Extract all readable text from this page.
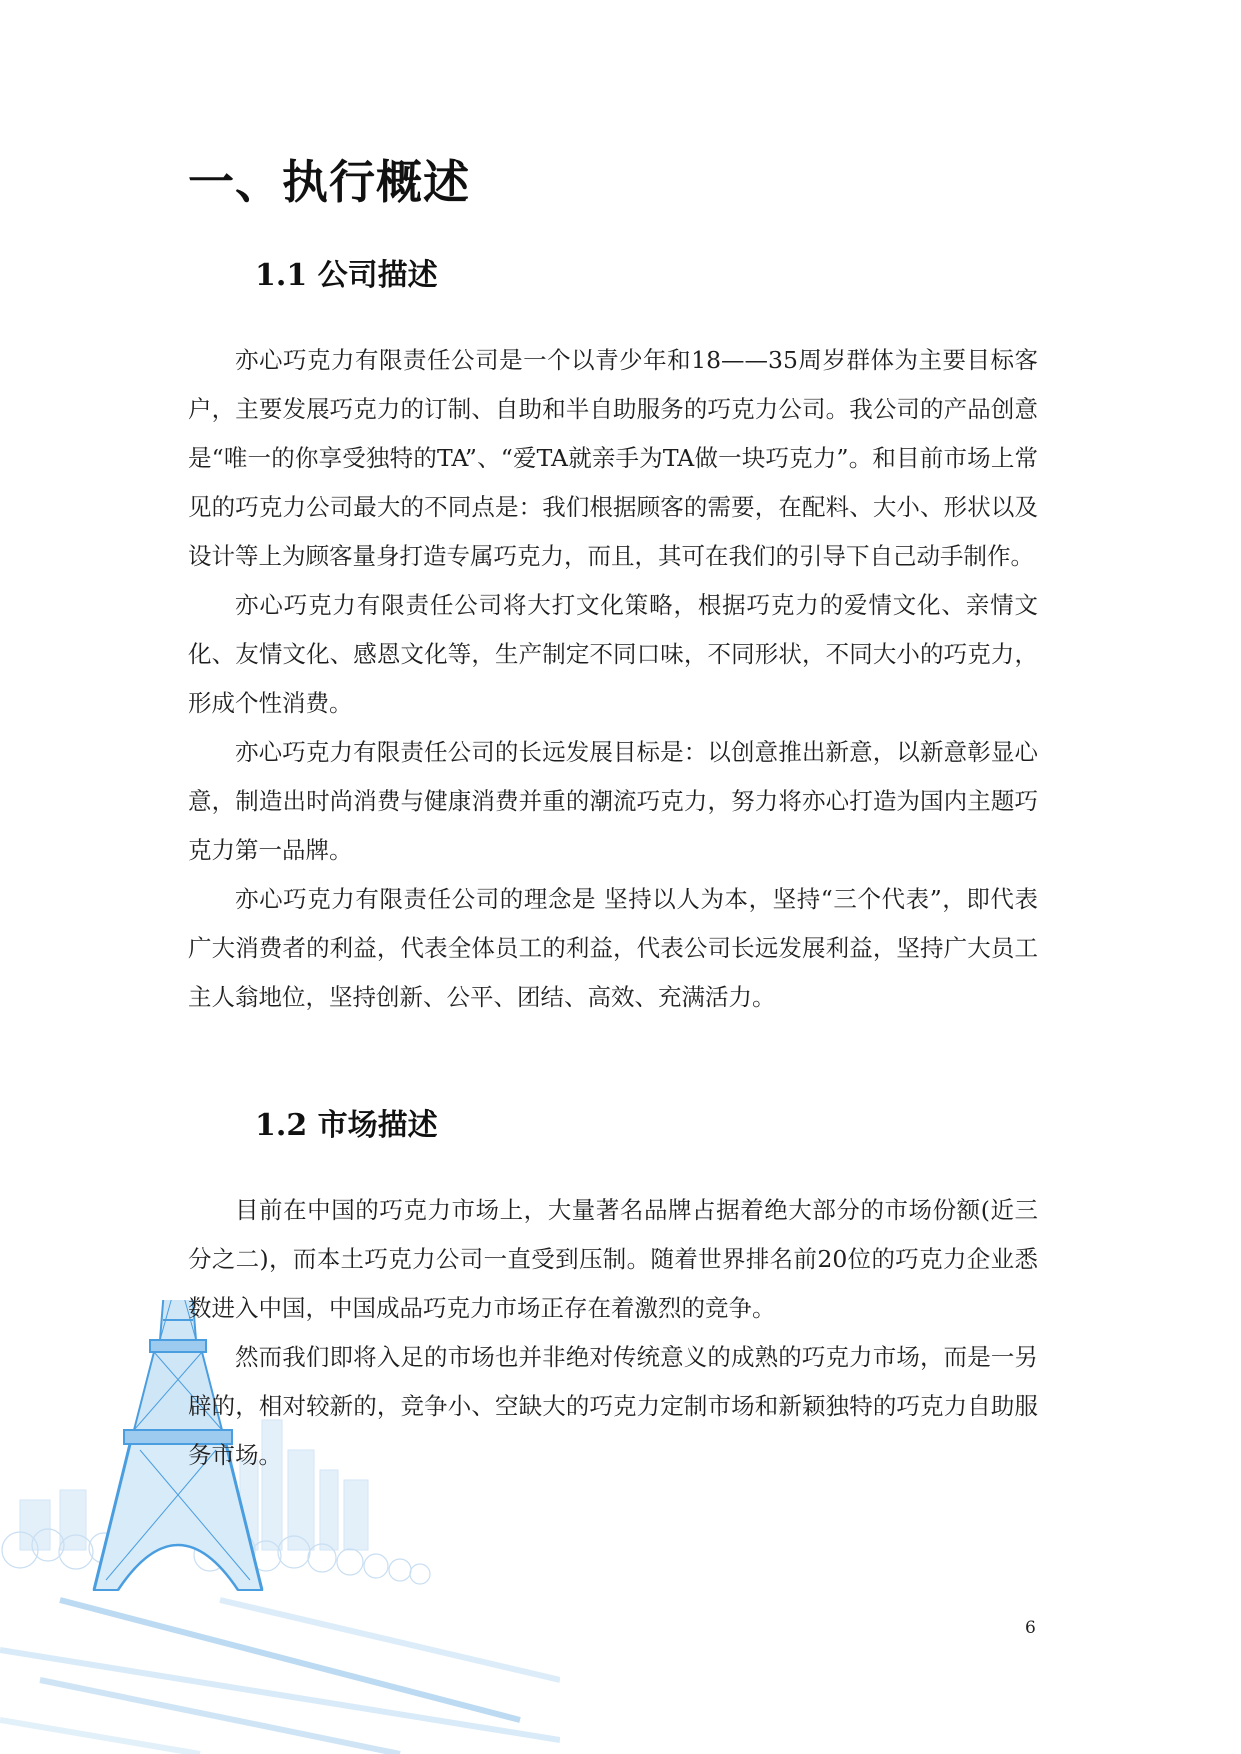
一、执行概述
1.1 公司描述

亦心巧克力有限责任公司是一个以青少年和18——35周岁群体为主要目标客户，主要发展巧克力的订制、自助和半自助服务的巧克力公司。我公司的产品创意是“唯一的你享受独特的TA”、“爱TA就亲手为TA做一块巧克力”。和目前市场上常见的巧克力公司最大的不同点是：我们根据顾客的需要，在配料、大小、形状以及设计等上为顾客量身打造专属巧克力，而且，其可在我们的引导下自己动手制作。

亦心巧克力有限责任公司将大打文化策略，根据巧克力的爱情文化、亲情文化、友情文化、感恩文化等，生产制定不同口味，不同形状，不同大小的巧克力，形成个性消费。

亦心巧克力有限责任公司的长远发展目标是：以创意推出新意，以新意彰显心意，制造出时尚消费与健康消费并重的潮流巧克力，努力将亦心打造为国内主题巧克力第一品牌。

亦心巧克力有限责任公司的理念是 坚持以人为本，坚持“三个代表”，即代表广大消费者的利益，代表全体员工的利益，代表公司长远发展利益，坚持广大员工主人翁地位，坚持创新、公平、团结、高效、充满活力。

1.2 市场描述

目前在中国的巧克力市场上，大量著名品牌占据着绝大部分的市场份额(近三分之二)，而本土巧克力公司一直受到压制。随着世界排名前20位的巧克力企业悉数进入中国，中国成品巧克力市场正存在着激烈的竞争。

然而我们即将入足的市场也并非绝对传统意义的成熟的巧克力市场，而是一另辟的，相对较新的，竞争小、空缺大的巧克力定制市场和新颖独特的巧克力自助服务市场。

6
